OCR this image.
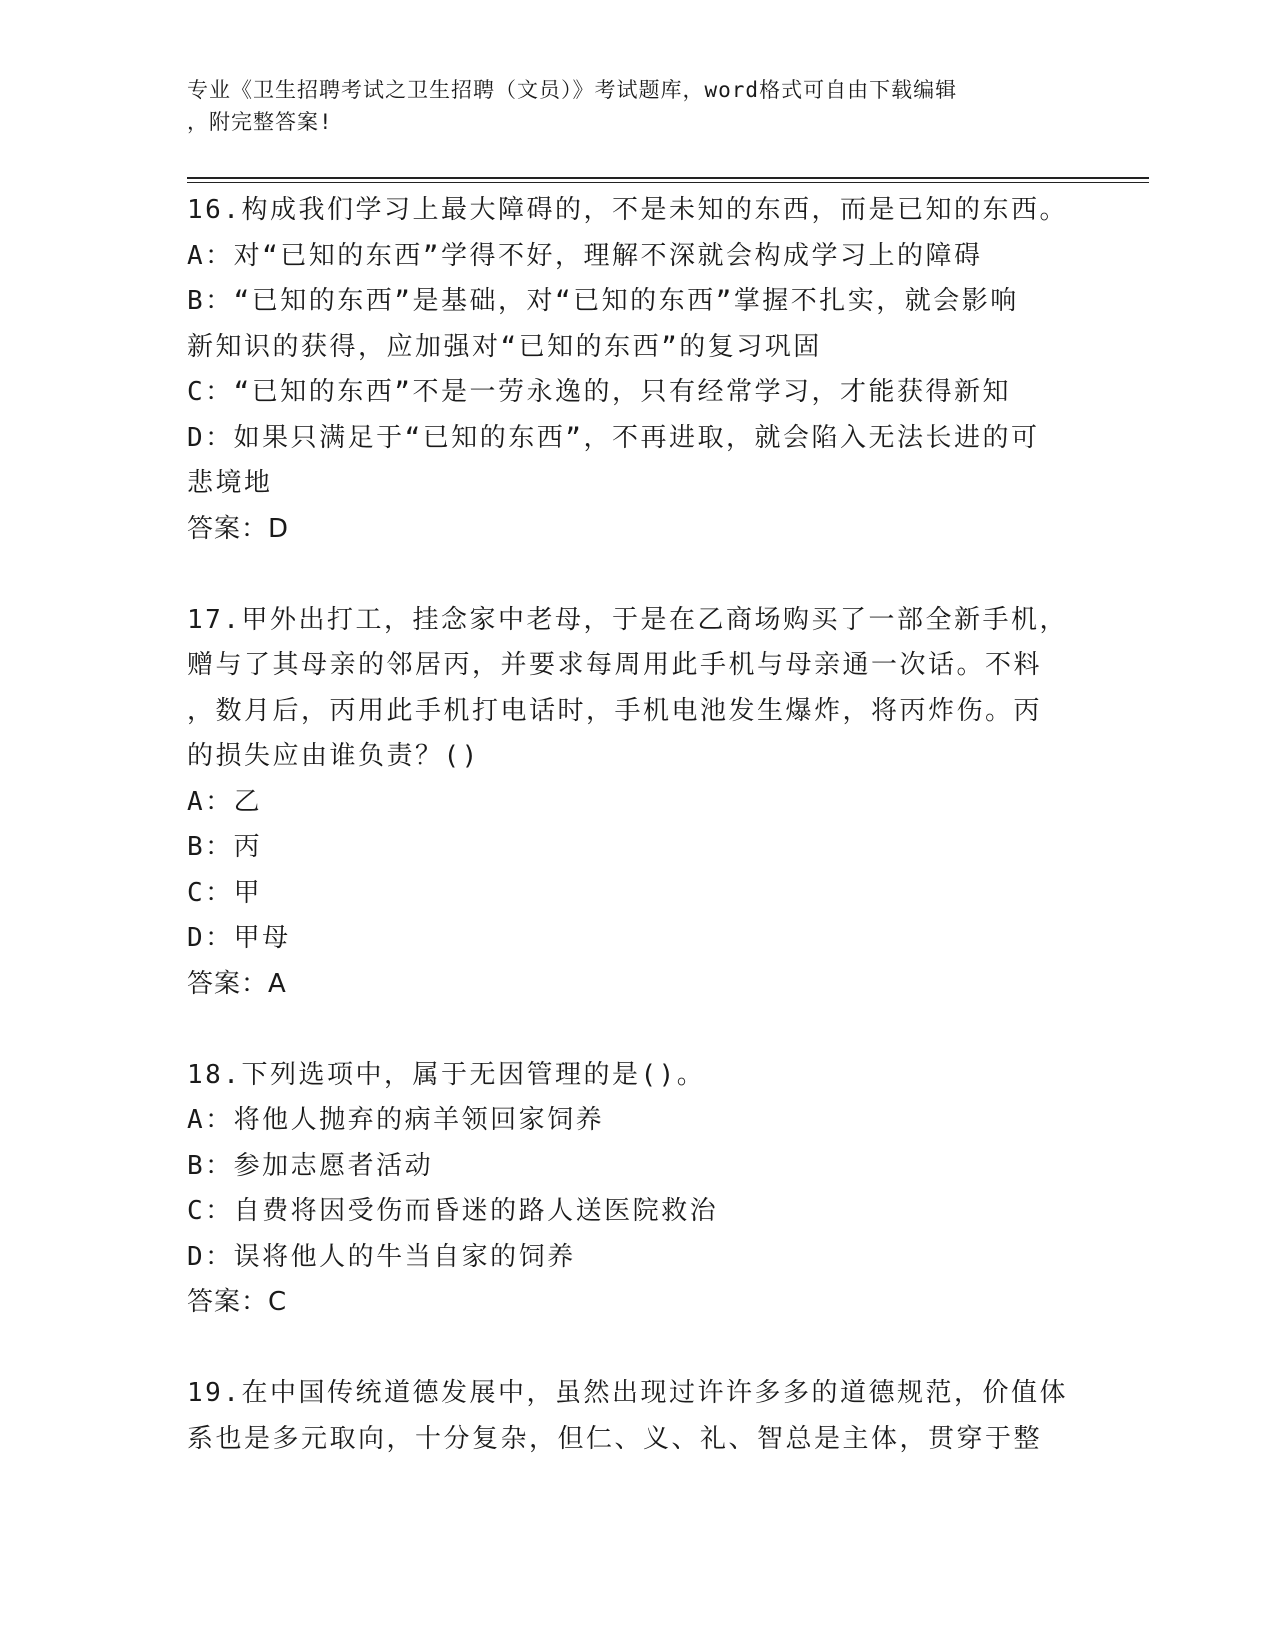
专业《卫生招聘考试之卫生招聘（文员）》考试题库，word格式可自由下载编辑
，附完整答案!

16.构成我们学习上最大障碍的，不是未知的东西，而是已知的东西。

A：对“已知的东西”学得不好，理解不深就会构成学习上的障碍

B：“已知的东西”是基础，对“已知的东西”掌握不扎实，就会影响

新知识的获得，应加强对“已知的东西”的复习巩固

C：“已知的东西”不是一劳永逸的，只有经常学习，才能获得新知

D：如果只满足于“已知的东西”，不再进取，就会陷入无法长进的可

悲境地

答案：D

17.甲外出打工，挂念家中老母，于是在乙商场购买了一部全新手机，

赠与了其母亲的邻居丙，并要求每周用此手机与母亲通一次话。不料

，数月后，丙用此手机打电话时，手机电池发生爆炸，将丙炸伤。丙

的损失应由谁负责？()

A：乙

B：丙

C：甲

D：甲母

答案：A

18.下列选项中，属于无因管理的是()。

A：将他人抛弃的病羊领回家饲养

B：参加志愿者活动

C：自费将因受伤而昏迷的路人送医院救治

D：误将他人的牛当自家的饲养

答案：C

19.在中国传统道德发展中，虽然出现过许许多多的道德规范，价值体

系也是多元取向，十分复杂，但仁、义、礼、智总是主体，贯穿于整
